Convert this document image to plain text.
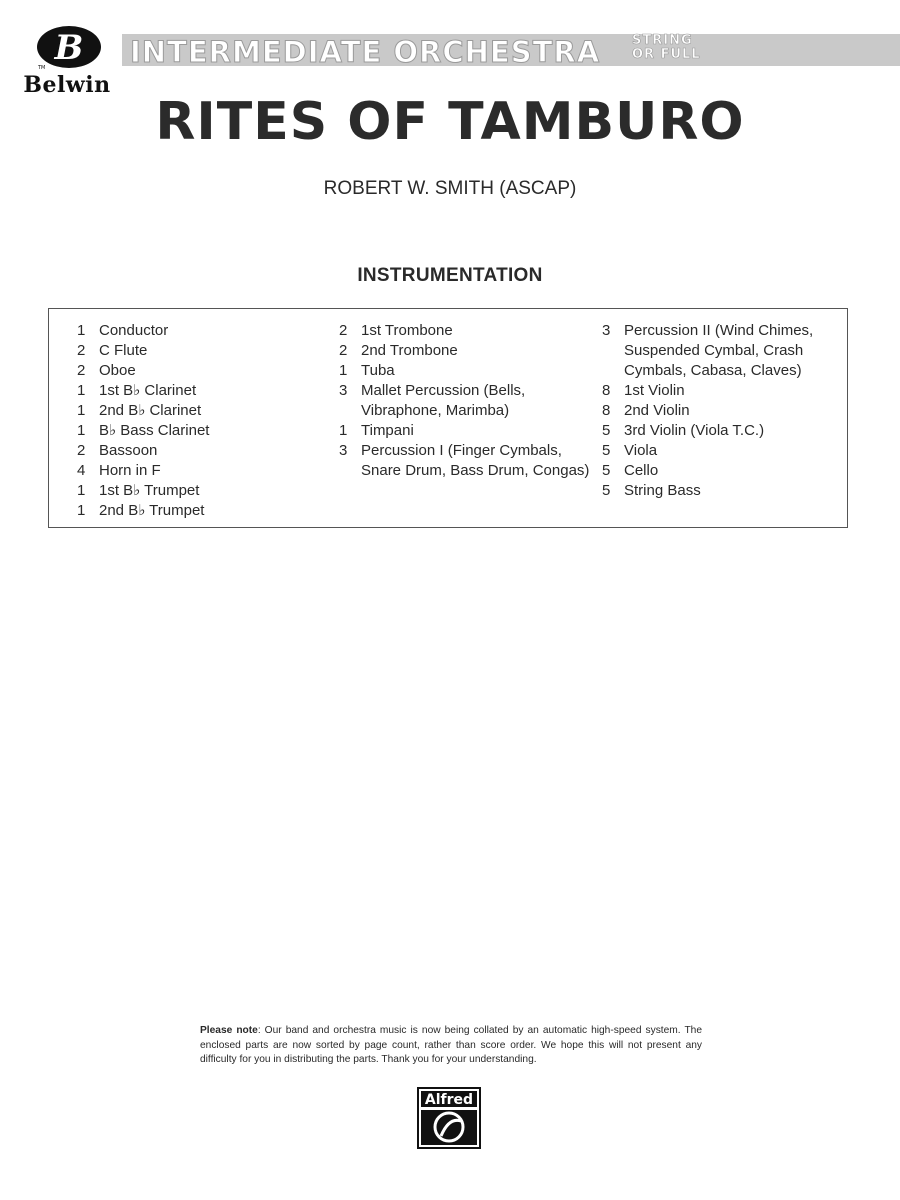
B
TM
Belwin
INTERMEDIATE ORCHESTRA STRING
OR FULL
RITES OF TAMBURO
ROBERT W. SMITH (ASCAP)
INSTRUMENTATION
1 Conductor
2 C Flute
2 Oboe
1 1st B♭ Clarinet
1 2nd B♭ Clarinet
1 B♭ Bass Clarinet
2 Bassoon
4 Horn in F
1 1st B♭ Trumpet
1 2nd B♭ Trumpet
2 1st Trombone
2 2nd Trombone
1 Tuba
3 Mallet Percussion (Bells, Vibraphone, Marimba)
1 Timpani
3 Percussion I (Finger Cymbals, Snare Drum, Bass Drum, Congas)
3 Percussion II (Wind Chimes, Suspended Cymbal, Crash Cymbals, Cabasa, Claves)
8 1st Violin
8 2nd Violin
5 3rd Violin (Viola T.C.)
5 Viola
5 Cello
5 String Bass
Please note: Our band and orchestra music is now being collated by an automatic high-speed system. The enclosed parts are now sorted by page count, rather than score order. We hope this will not present any difficulty for you in distributing the parts. Thank you for your understanding.
Alfred
